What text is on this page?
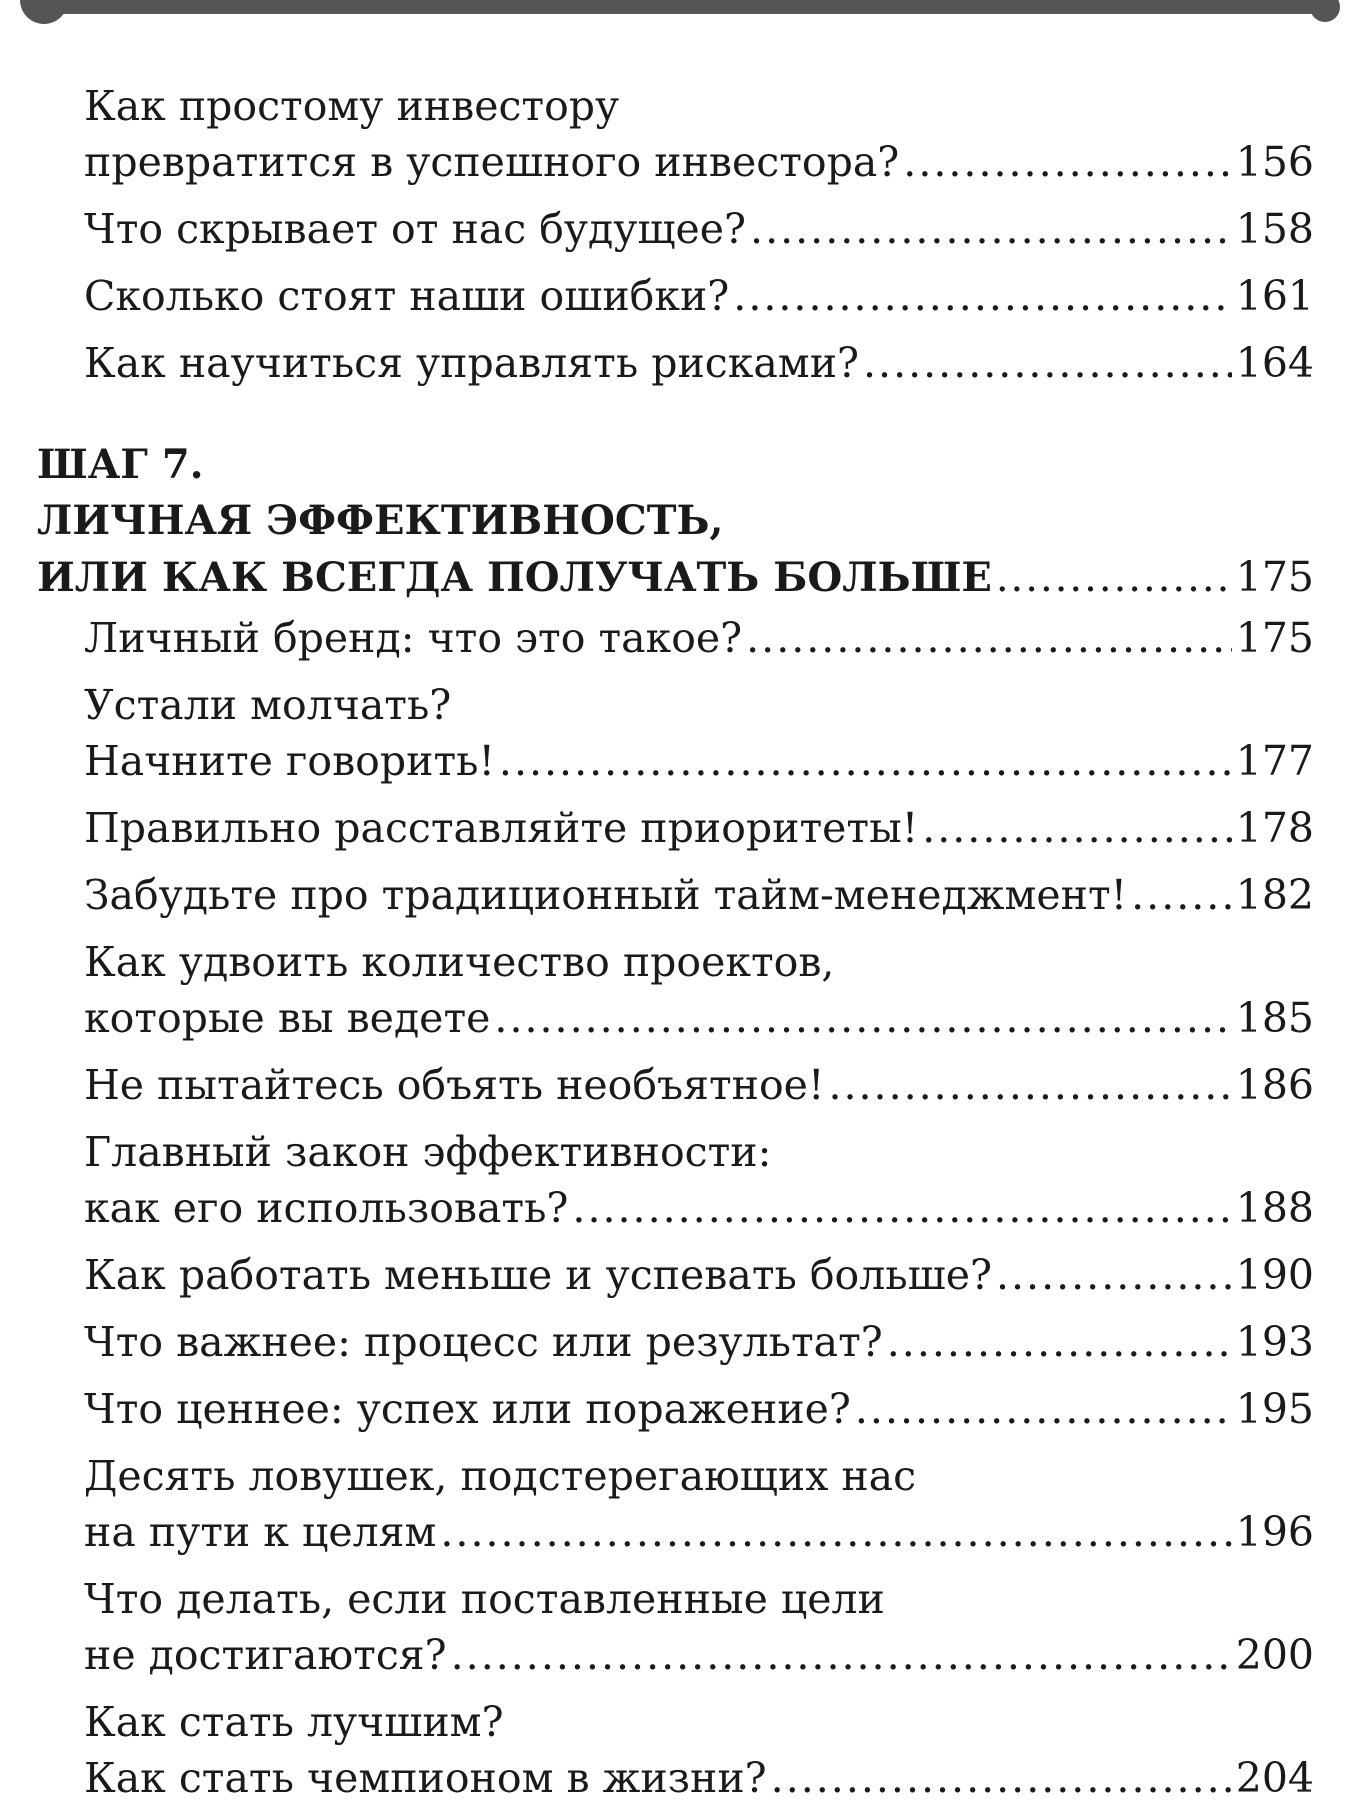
Как простому инвестору
превратится в успешного инвестора? .....	156
Что скрывает от нас будущее? .....	158
Сколько стоят наши ошибки? .....	161
Как научиться управлять рисками? .....	164
ШАГ 7.
ЛИЧНАЯ ЭФФЕКТИВНОСТЬ,
ИЛИ КАК ВСЕГДА ПОЛУЧАТЬ БОЛЬШЕ .....	175
Личный бренд: что это такое? .....	175
Устали молчать?
Начните говорить! .....	177
Правильно расставляйте приоритеты! .....	178
Забудьте про традиционный тайм-менеджмент! .....	182
Как удвоить количество проектов,
которые вы ведете .....	185
Не пытайтесь объять необъятное! .....	186
Главный закон эффективности:
как его использовать? .....	188
Как работать меньше и успевать больше? .....	190
Что важнее: процесс или результат? .....	193
Что ценнее: успех или поражение? .....	195
Десять ловушек, подстерегающих нас
на пути к целям .....	196
Что делать, если поставленные цели
не достигаются? .....	200
Как стать лучшим?
Как стать чемпионом в жизни? .....	204
